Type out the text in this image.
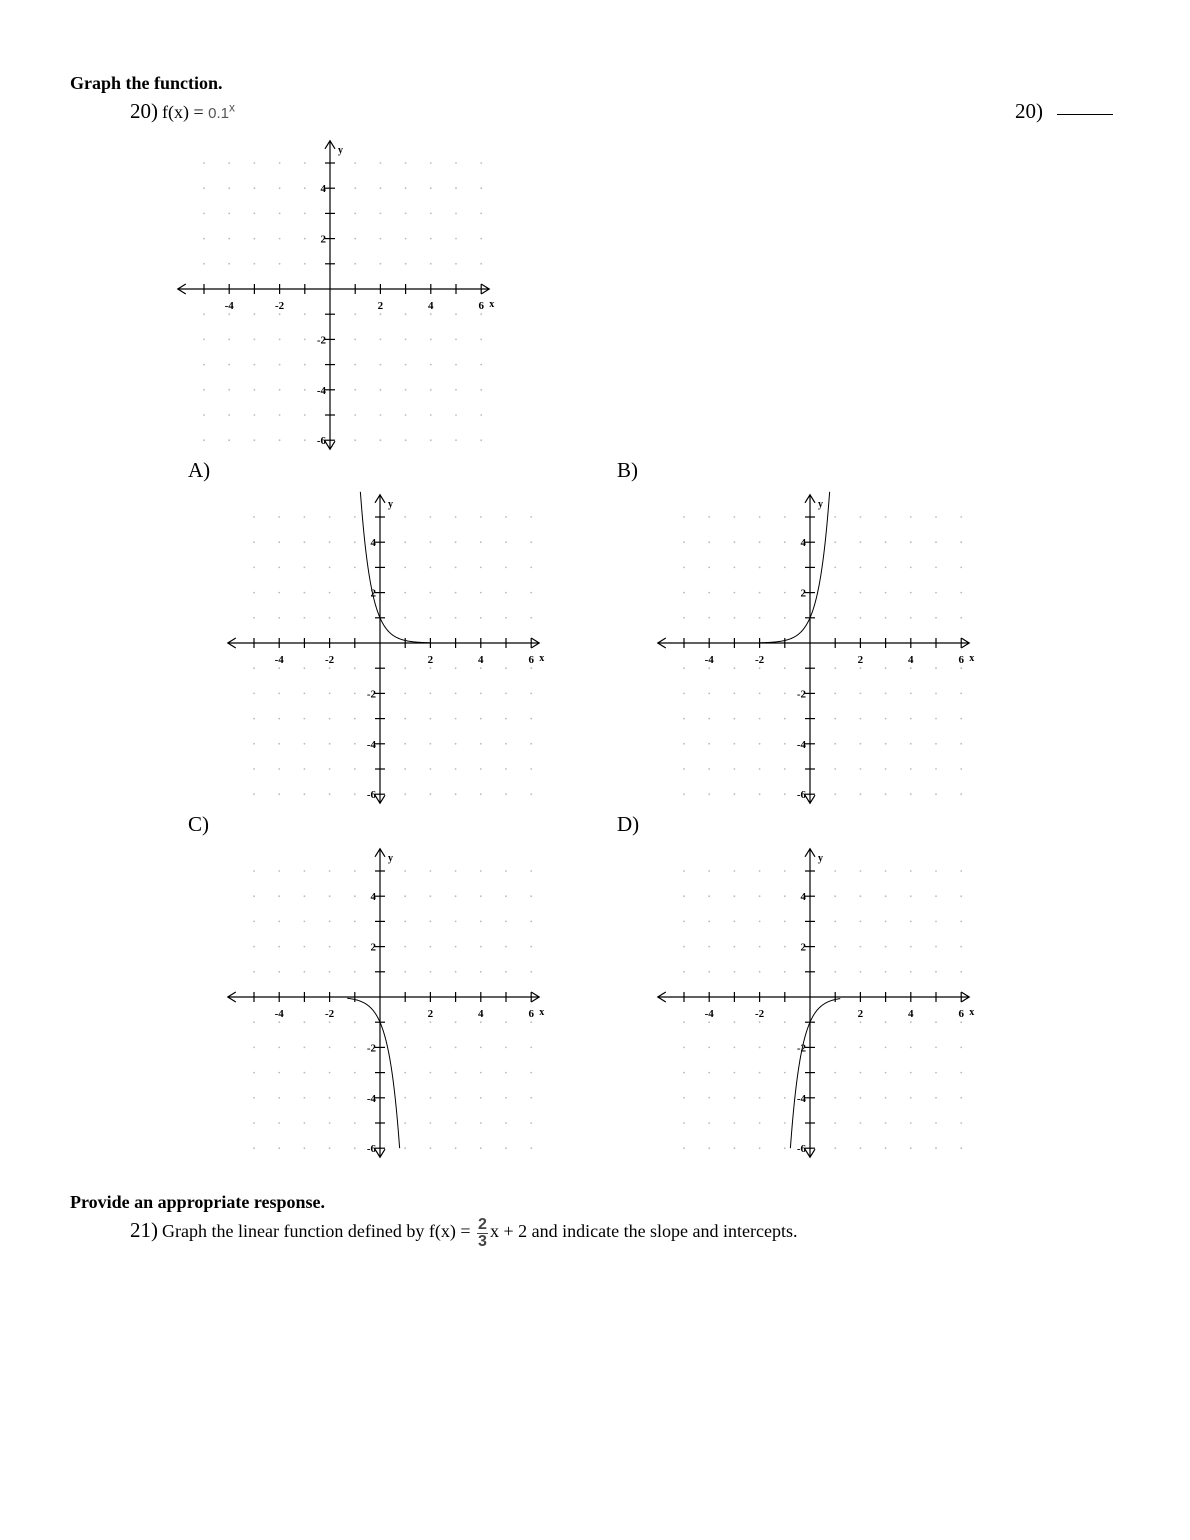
Graph the function.
20) $f(x) = 0.1^x$	20)
-4	-2	2	4	6
-6
-4
-2
2
4
x
y
A)	B)
C)	D)
-4	-2	2	4	6
-6
-4
-2
2
4
x
y
-4	-2	2	4	6
-6
-4
-2
2
4
x
y
-4	-2	2	4	6
-6
-4
-2
2
4
x
y
-4	-2	2	4	6
-6
-4
-2
2
4
x
y
Provide an appropriate response.
21) Graph the linear function defined by $f(x) = \frac{2}{3}$ x + 2 and indicate the slope and intercepts.
